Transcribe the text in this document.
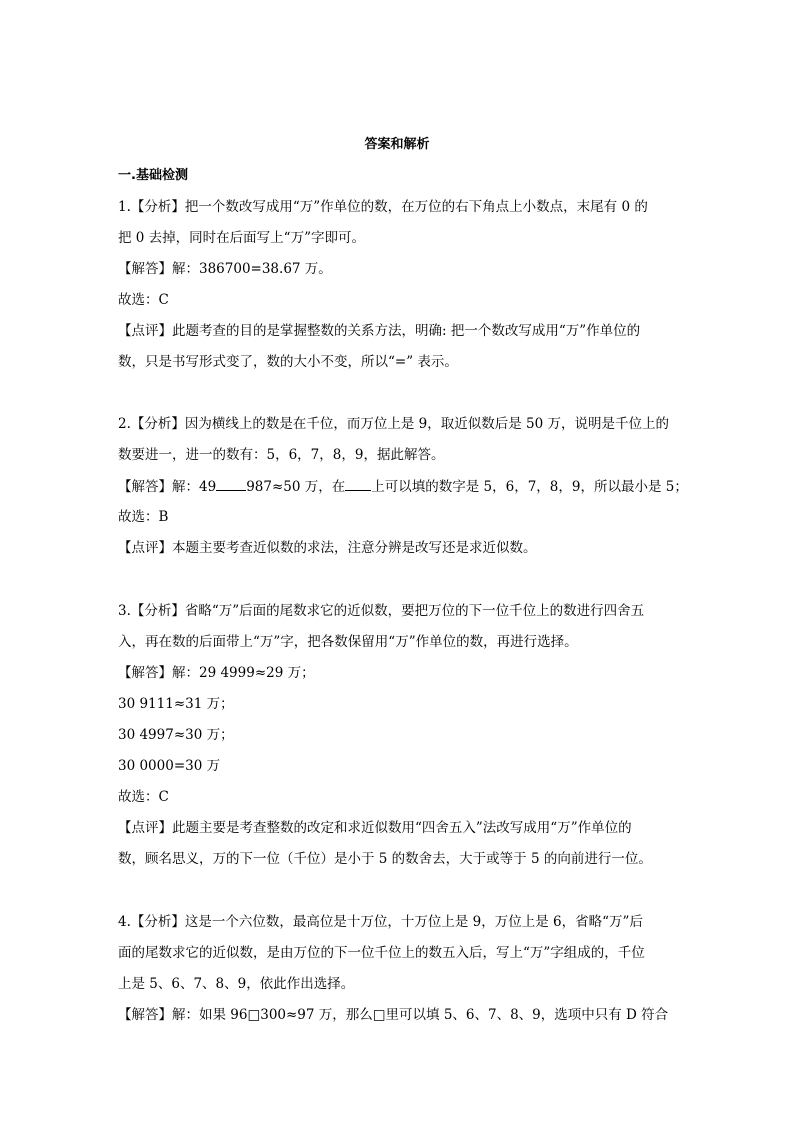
答案和解析
一.基础检测
1.【分析】把一个数改写成用“万”作单位的数，在万位的右下角点上小数点，末尾有 0 的
把 0 去掉，同时在后面写上“万”字即可。
【解答】解：386700=38.67 万。
故选：C
【点评】此题考查的目的是掌握整数的关系方法，明确: 把一个数改写成用“万”作单位的
数，只是书写形式变了，数的大小不变，所以“=” 表示。
2.【分析】因为横线上的数是在千位，而万位上是 9，取近似数后是 50 万，说明是千位上的
数要进一，进一的数有：5，6，7，8，9，据此解答。
【解答】解：49 987≈50 万，在 上可以填的数字是 5，6，7，8，9，所以最小是 5；
故选：B
【点评】本题主要考查近似数的求法，注意分辨是改写还是求近似数。
3.【分析】省略“万”后面的尾数求它的近似数，要把万位的下一位千位上的数进行四舍五
入，再在数的后面带上“万”字，把各数保留用“万”作单位的数，再进行选择。
【解答】解：29 4999≈29 万；
30 9111≈31 万；
30 4997≈30 万；
30 0000=30 万
故选：C
【点评】此题主要是考查整数的改定和求近似数用“四舍五入”法改写成用“万”作单位的
数，顾名思义，万的下一位（千位）是小于 5 的数舍去，大于或等于 5 的向前进行一位。
4.【分析】这是一个六位数，最高位是十万位，十万位上是 9，万位上是 6，省略“万”后
面的尾数求它的近似数，是由万位的下一位千位上的数五入后，写上“万”字组成的，千位
上是 5、6、7、8、9，依此作出选择。
【解答】解：如果 96□300≈97 万，那么□里可以填 5、6、7、8、9，选项中只有 D 符合
